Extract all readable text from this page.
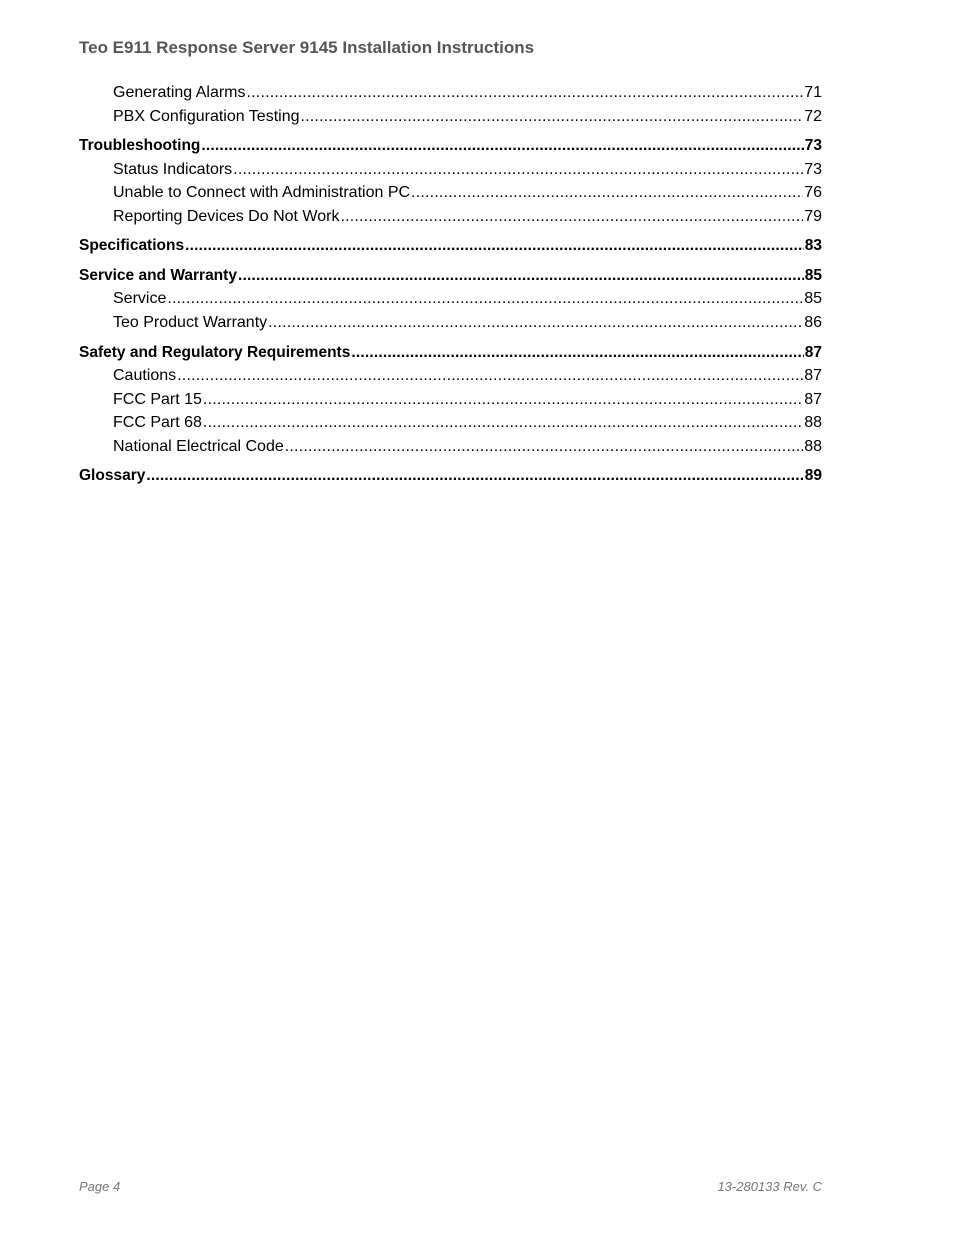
Teo E911 Response Server 9145 Installation Instructions
Generating Alarms .....	71
PBX Configuration Testing .....	72
Troubleshooting .....	73
Status Indicators .....	73
Unable to Connect with Administration PC .....	76
Reporting Devices Do Not Work .....	79
Specifications .....	83
Service and Warranty .....	85
Service .....	85
Teo Product Warranty .....	86
Safety and Regulatory Requirements .....	87
Cautions .....	87
FCC Part 15 .....	87
FCC Part 68 .....	88
National Electrical Code .....	88
Glossary .....	89
Page 4	13-280133 Rev. C
